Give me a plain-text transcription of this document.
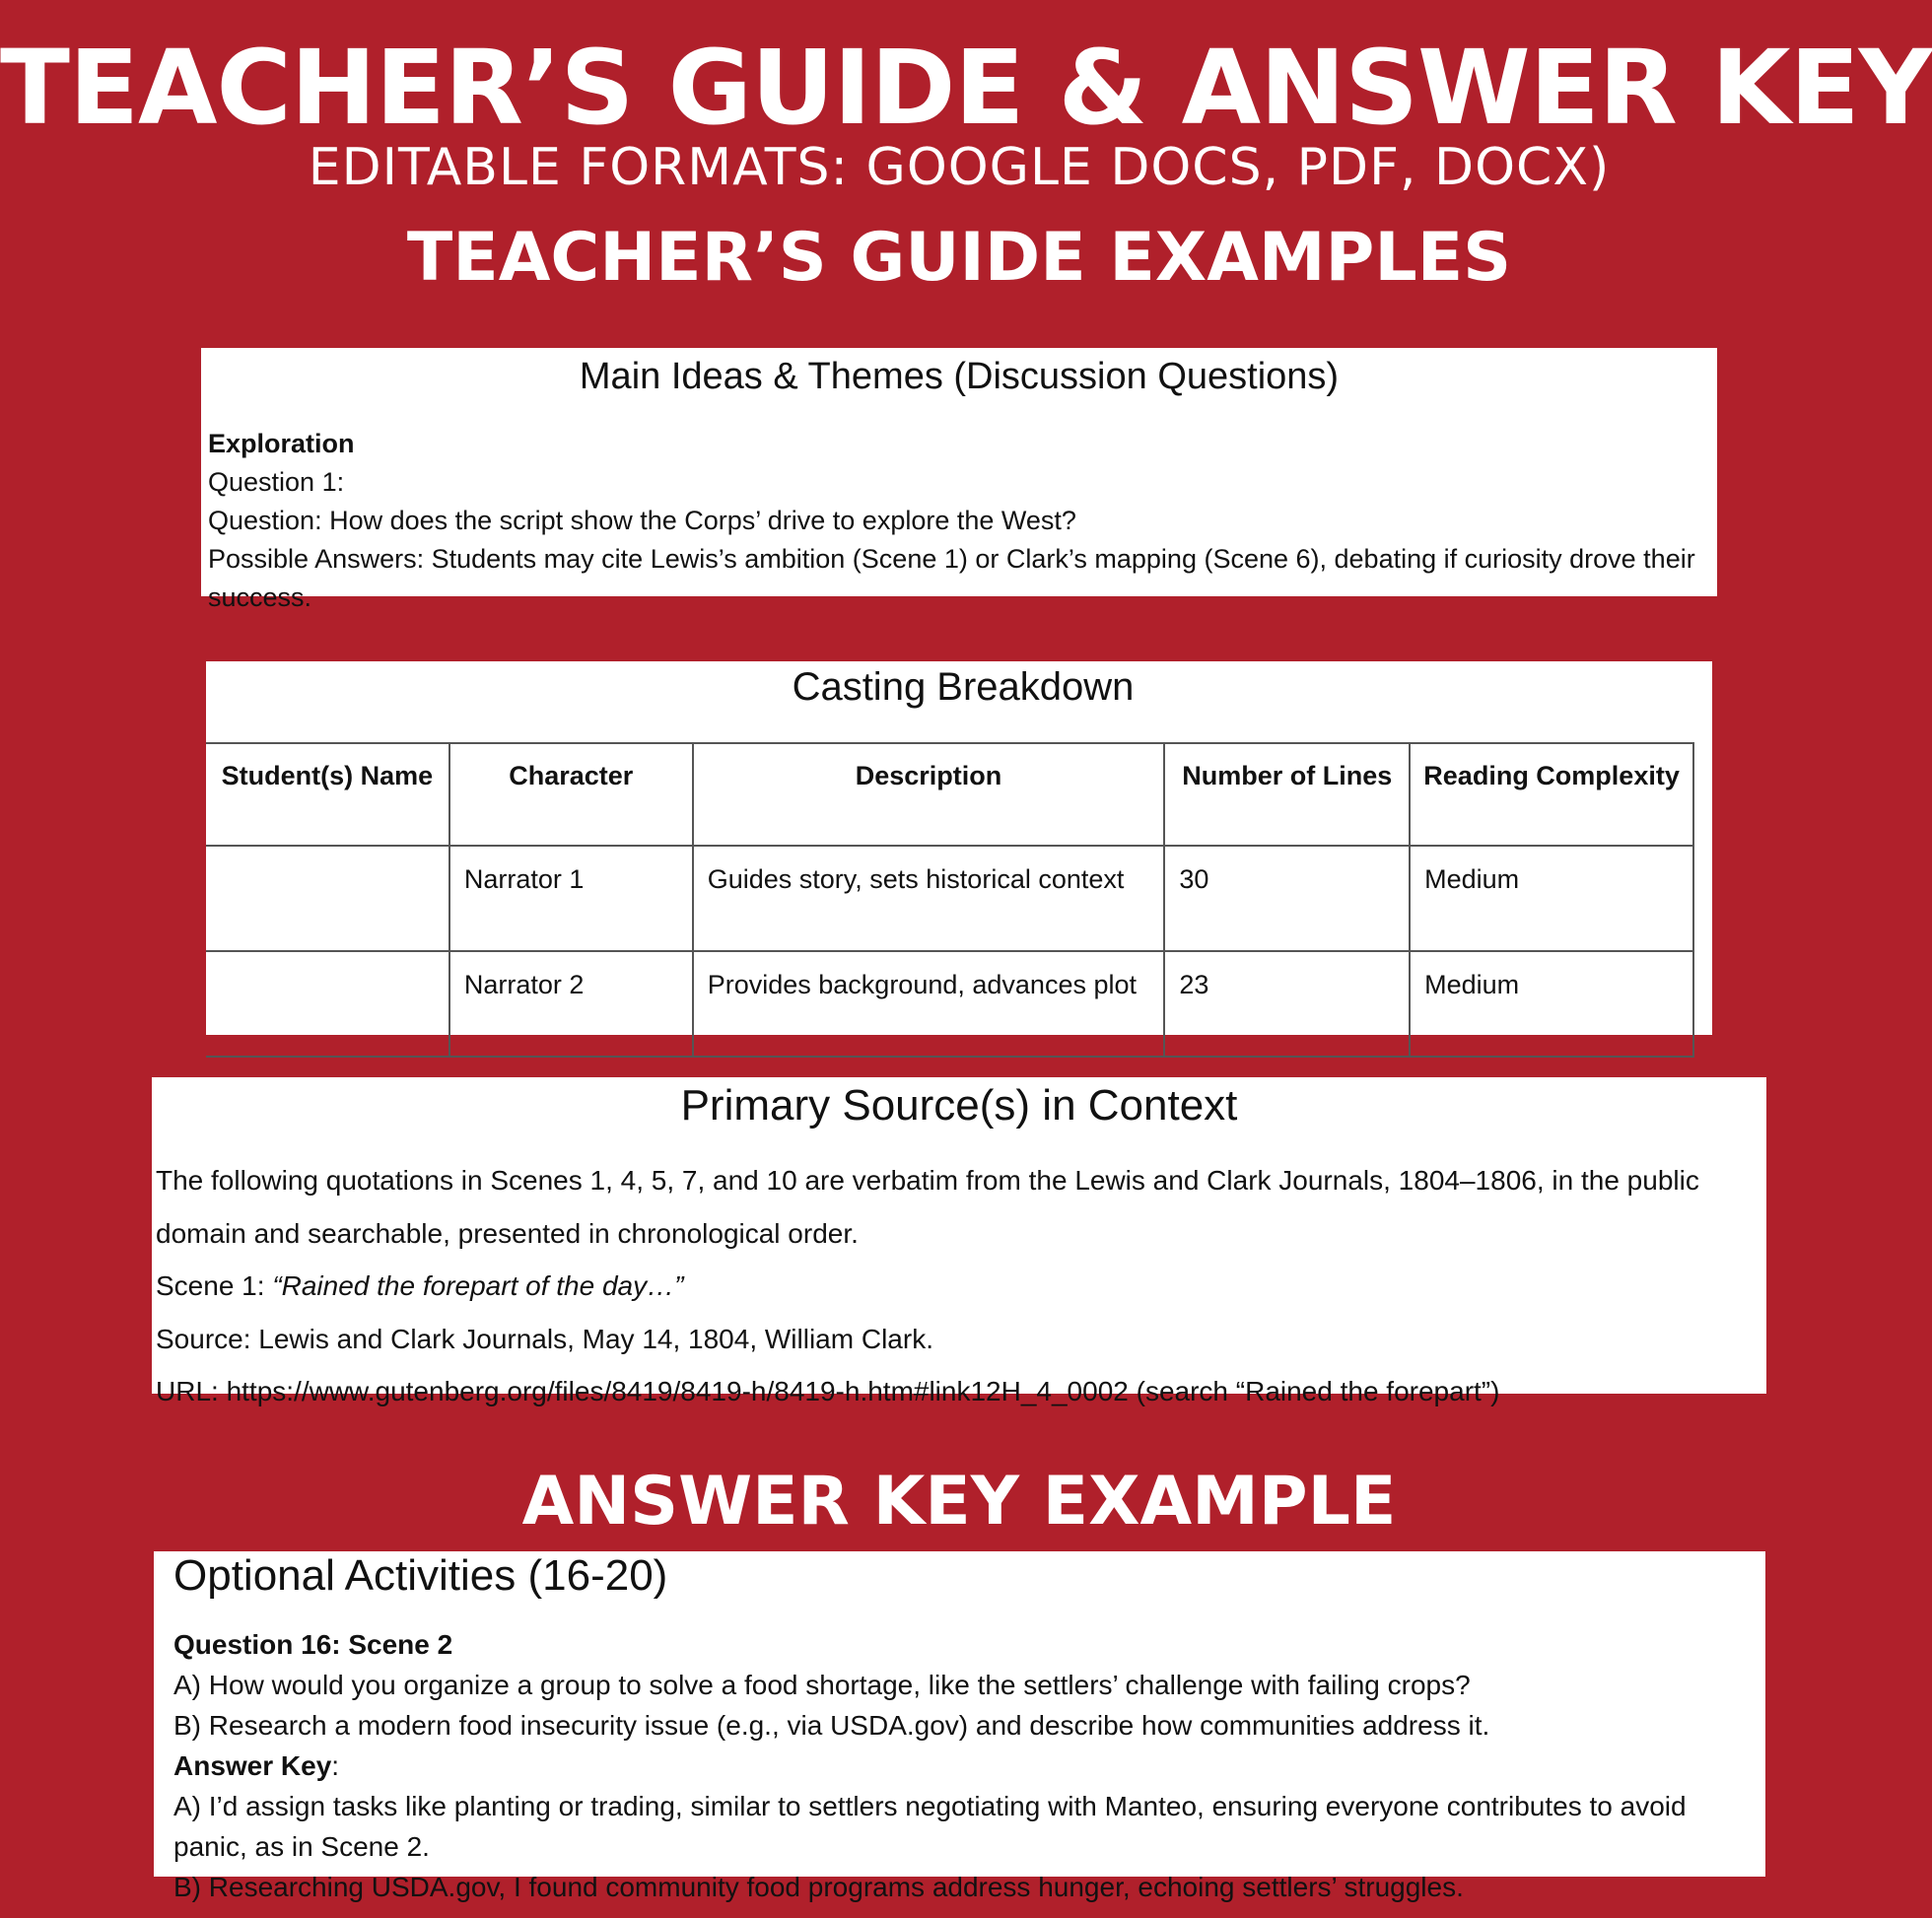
TEACHER’S GUIDE & ANSWER KEY
EDITABLE FORMATS: GOOGLE DOCS, PDF, DOCX)
TEACHER’S GUIDE EXAMPLES
Main Ideas & Themes (Discussion Questions)
Exploration
Question 1:
Question: How does the script show the Corps’ drive to explore the West?
Possible Answers: Students may cite Lewis’s ambition (Scene 1) or Clark’s mapping (Scene 6), debating if curiosity drove their success.
Casting Breakdown
Student(s) Name	Character	Description	Number of Lines	Reading Complexity
	Narrator 1	Guides story, sets historical context	30	Medium
	Narrator 2	Provides background, advances plot	23	Medium
Primary Source(s) in Context
The following quotations in Scenes 1, 4, 5, 7, and 10 are verbatim from the Lewis and Clark Journals, 1804–1806, in the public domain and searchable, presented in chronological order.
Scene 1: “Rained the forepart of the day…”
Source: Lewis and Clark Journals, May 14, 1804, William Clark.
URL: https://www.gutenberg.org/files/8419/8419-h/8419-h.htm#link12H_4_0002 (search “Rained the forepart”)
ANSWER KEY EXAMPLE
Optional Activities (16-20)
Question 16: Scene 2
A) How would you organize a group to solve a food shortage, like the settlers’ challenge with failing crops?
B) Research a modern food insecurity issue (e.g., via USDA.gov) and describe how communities address it.
Answer Key:
A) I’d assign tasks like planting or trading, similar to settlers negotiating with Manteo, ensuring everyone contributes to avoid panic, as in Scene 2.
B) Researching USDA.gov, I found community food programs address hunger, echoing settlers’ struggles.
